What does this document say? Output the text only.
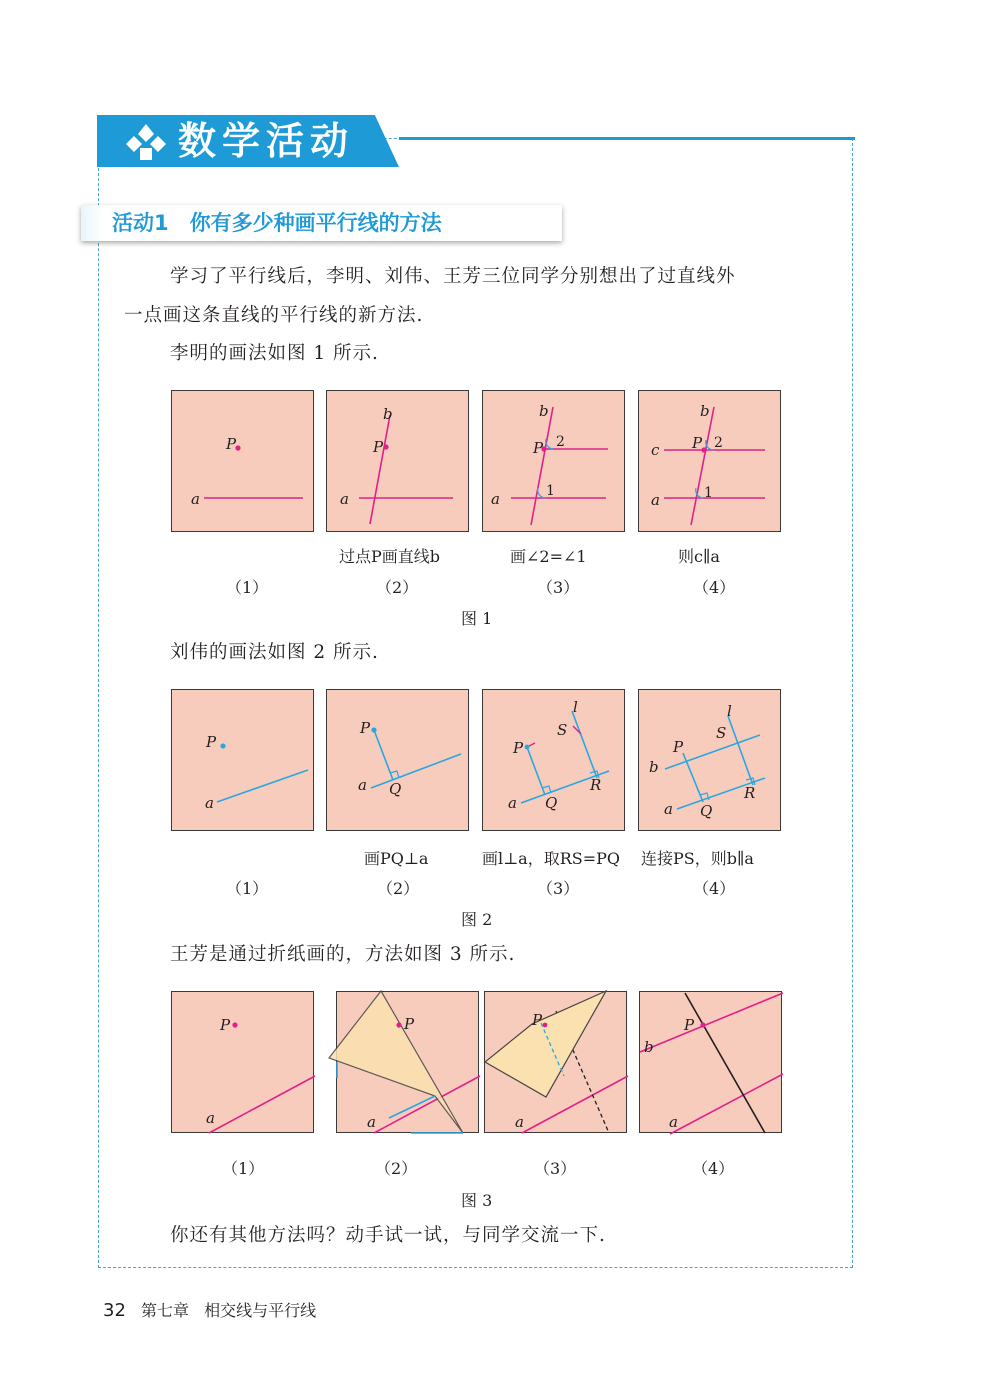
数学活动
活动1　你有多少种画平行线的方法
学习了平行线后，李明、刘伟、王芳三位同学分别想出了过直线外
一点画这条直线的平行线的新方法.
李明的画法如图 1 所示.
P
a
P
b
a
P
b
a
2
1
P
b
c
a
2
1
过点P画直线b	画∠2=∠1	则c∥a
（1）	（2）	（3）	（4）
图 1
刘伟的画法如图 2 所示.
P
a
P
a Q
P
S
l
a Q
R
P
S
l
b
a Q
R
画PQ⊥a	画l⊥a，取RS=PQ 连接PS，则b∥a
（1）	（2）	（3）	（4）
图 2
王芳是通过折纸画的，方法如图 3 所示.
P
a
P
a
P
a
P
b
a
（1）	（2）	（3）	（4）
图 3
你还有其他方法吗？动手试一试，与同学交流一下.
32 第七章 相交线与平行线
